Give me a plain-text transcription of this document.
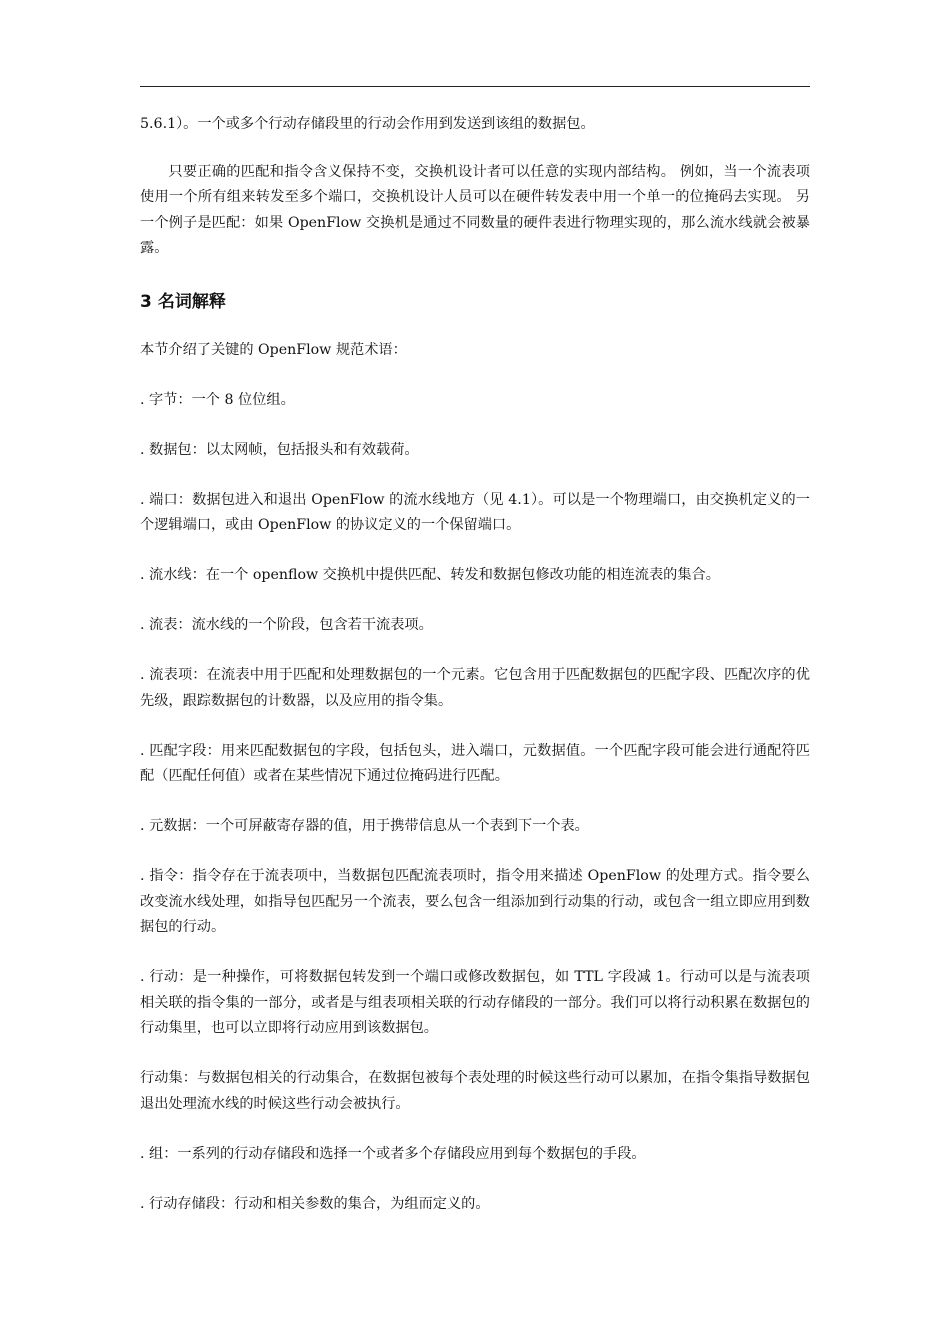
5.6.1）。一个或多个行动存储段里的行动会作用到发送到该组的数据包。

只要正确的匹配和指令含义保持不变，交换机设计者可以任意的实现内部结构。 例如，当一个流表项使用一个所有组来转发至多个端口，交换机设计人员可以在硬件转发表中用一个单一的位掩码去实现。 另一个例子是匹配：如果 OpenFlow 交换机是通过不同数量的硬件表进行物理实现的，那么流水线就会被暴露。

3 名词解释

本节介绍了关键的 OpenFlow 规范术语：

. 字节：一个 8 位位组。

. 数据包：以太网帧，包括报头和有效载荷。

. 端口：数据包进入和退出 OpenFlow 的流水线地方（见 4.1）。可以是一个物理端口，由交换机定义的一个逻辑端口，或由 OpenFlow 的协议定义的一个保留端口。

. 流水线：在一个 openflow 交换机中提供匹配、转发和数据包修改功能的相连流表的集合。

. 流表：流水线的一个阶段，包含若干流表项。

. 流表项：在流表中用于匹配和处理数据包的一个元素。它包含用于匹配数据包的匹配字段、匹配次序的优先级，跟踪数据包的计数器，以及应用的指令集。

. 匹配字段：用来匹配数据包的字段，包括包头，进入端口，元数据值。一个匹配字段可能会进行通配符匹配（匹配任何值）或者在某些情况下通过位掩码进行匹配。

. 元数据：一个可屏蔽寄存器的值，用于携带信息从一个表到下一个表。

. 指令：指令存在于流表项中，当数据包匹配流表项时，指令用来描述 OpenFlow 的处理方式。指令要么改变流水线处理，如指导包匹配另一个流表，要么包含一组添加到行动集的行动，或包含一组立即应用到数据包的行动。

. 行动：是一种操作，可将数据包转发到一个端口或修改数据包，如 TTL 字段减 1。行动可以是与流表项相关联的指令集的一部分，或者是与组表项相关联的行动存储段的一部分。我们可以将行动积累在数据包的行动集里，也可以立即将行动应用到该数据包。

行动集：与数据包相关的行动集合，在数据包被每个表处理的时候这些行动可以累加，在指令集指导数据包退出处理流水线的时候这些行动会被执行。

. 组：一系列的行动存储段和选择一个或者多个存储段应用到每个数据包的手段。

. 行动存储段：行动和相关参数的集合，为组而定义的。
